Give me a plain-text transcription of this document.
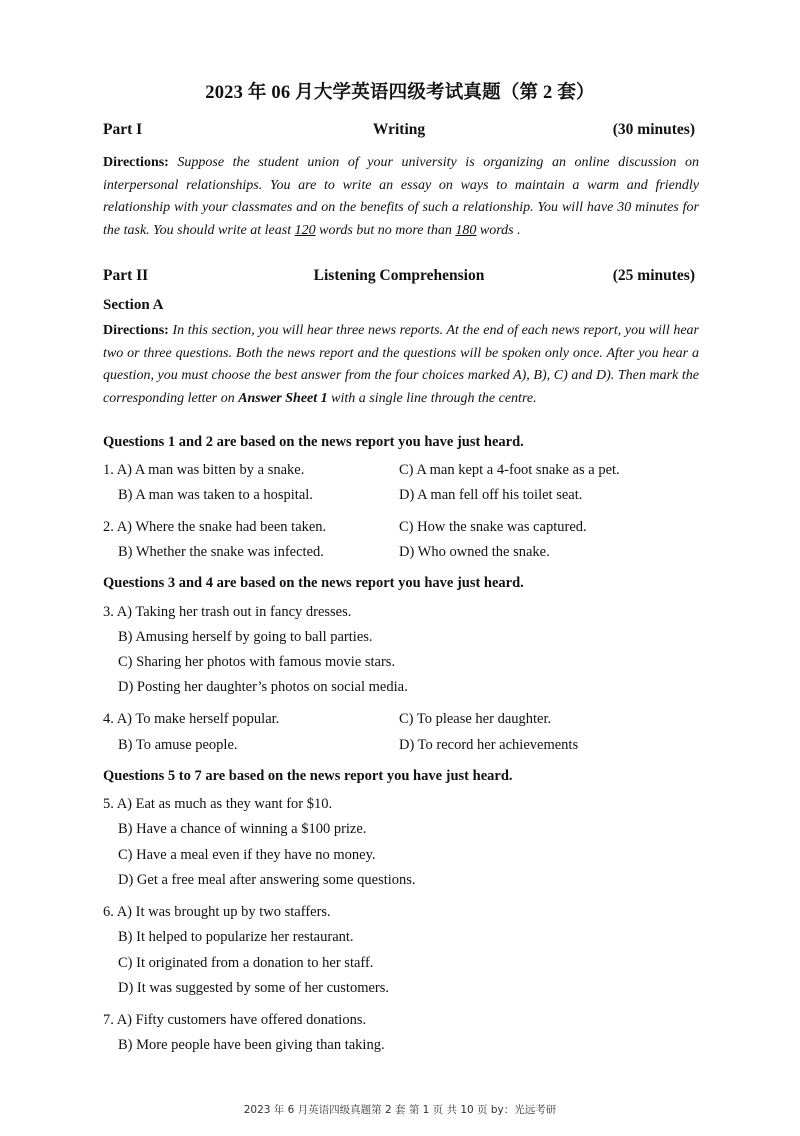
2023 年 06 月大学英语四级考试真题（第 2 套）
Part I	Writing	(30 minutes)
Directions: Suppose the student union of your university is organizing an online discussion on interpersonal relationships. You are to write an essay on ways to maintain a warm and friendly relationship with your classmates and on the benefits of such a relationship. You will have 30 minutes for the task. You should write at least 120 words but no more than 180 words .
Part II	Listening Comprehension	(25 minutes)
Section A
Directions: In this section, you will hear three news reports. At the end of each news report, you will hear two or three questions. Both the news report and the questions will be spoken only once. After you hear a question, you must choose the best answer from the four choices marked A), B), C) and D). Then mark the corresponding letter on Answer Sheet 1 with a single line through the centre.
Questions 1 and 2 are based on the news report you have just heard.
1. A) A man was bitten by a snake.	C) A man kept a 4-foot snake as a pet.
B) A man was taken to a hospital.	D) A man fell off his toilet seat.
2. A) Where the snake had been taken.	C) How the snake was captured.
B) Whether the snake was infected.	D) Who owned the snake.
Questions 3 and 4 are based on the news report you have just heard.
3. A) Taking her trash out in fancy dresses.
B) Amusing herself by going to ball parties.
C) Sharing her photos with famous movie stars.
D) Posting her daughter’s photos on social media.
4. A) To make herself popular.	C) To please her daughter.
B) To amuse people.	D) To record her achievements
Questions 5 to 7 are based on the news report you have just heard.
5. A) Eat as much as they want for $10.
B) Have a chance of winning a $100 prize.
C) Have a meal even if they have no money.
D) Get a free meal after answering some questions.
6. A) It was brought up by two staffers.
B) It helped to popularize her restaurant.
C) It originated from a donation to her staff.
D) It was suggested by some of her customers.
7. A) Fifty customers have offered donations.
B) More people have been giving than taking.
2023 年 6 月英语四级真题第 2 套 第 1 页 共 10 页 by：光远考研
